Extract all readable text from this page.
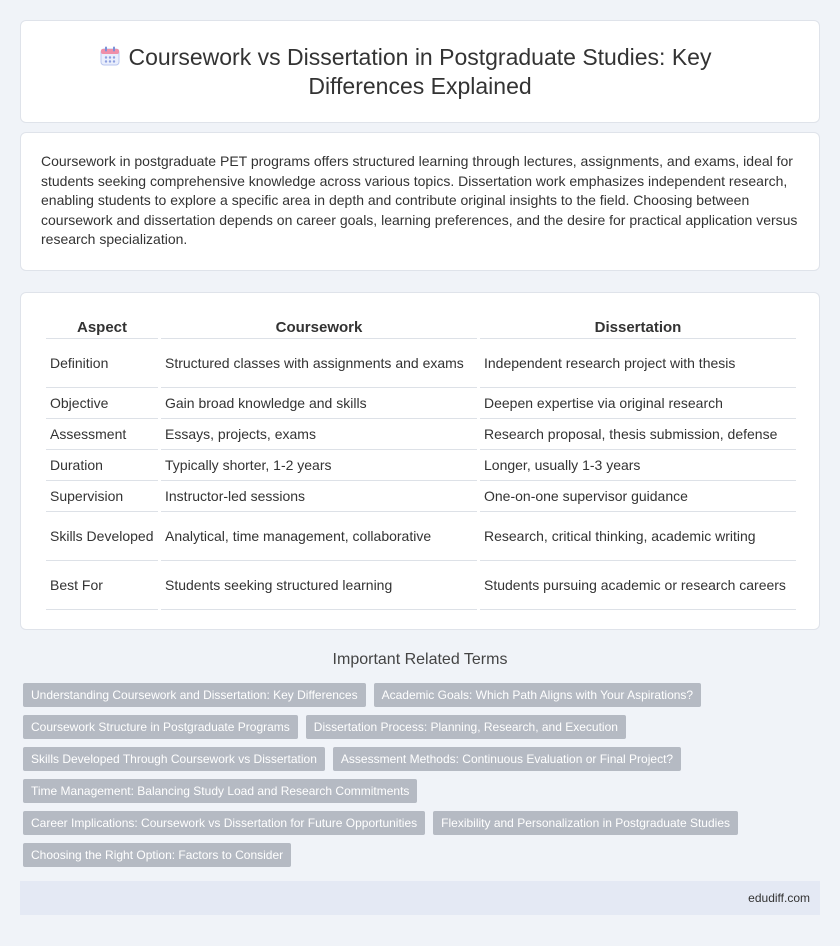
Coursework vs Dissertation in Postgraduate Studies: Key Differences Explained

Coursework in postgraduate PET programs offers structured learning through lectures, assignments, and exams, ideal for students seeking comprehensive knowledge across various topics. Dissertation work emphasizes independent research, enabling students to explore a specific area in depth and contribute original insights to the field. Choosing between coursework and dissertation depends on career goals, learning preferences, and the desire for practical application versus research specialization.

Aspect	Coursework	Dissertation
Definition	Structured classes with assignments and exams	Independent research project with thesis
Objective	Gain broad knowledge and skills	Deepen expertise via original research
Assessment	Essays, projects, exams	Research proposal, thesis submission, defense
Duration	Typically shorter, 1-2 years	Longer, usually 1-3 years
Supervision	Instructor-led sessions	One-on-one supervisor guidance
Skills Developed	Analytical, time management, collaborative	Research, critical thinking, academic writing
Best For	Students seeking structured learning	Students pursuing academic or research careers
Important Related Terms
Understanding Coursework and Dissertation: Key Differences	Academic Goals: Which Path Aligns with Your Aspirations?
Coursework Structure in Postgraduate Programs	Dissertation Process: Planning, Research, and Execution
Skills Developed Through Coursework vs Dissertation	Assessment Methods: Continuous Evaluation or Final Project?
Time Management: Balancing Study Load and Research Commitments
Career Implications: Coursework vs Dissertation for Future Opportunities	Flexibility and Personalization in Postgraduate Studies
Choosing the Right Option: Factors to Consider
edudiff.com
